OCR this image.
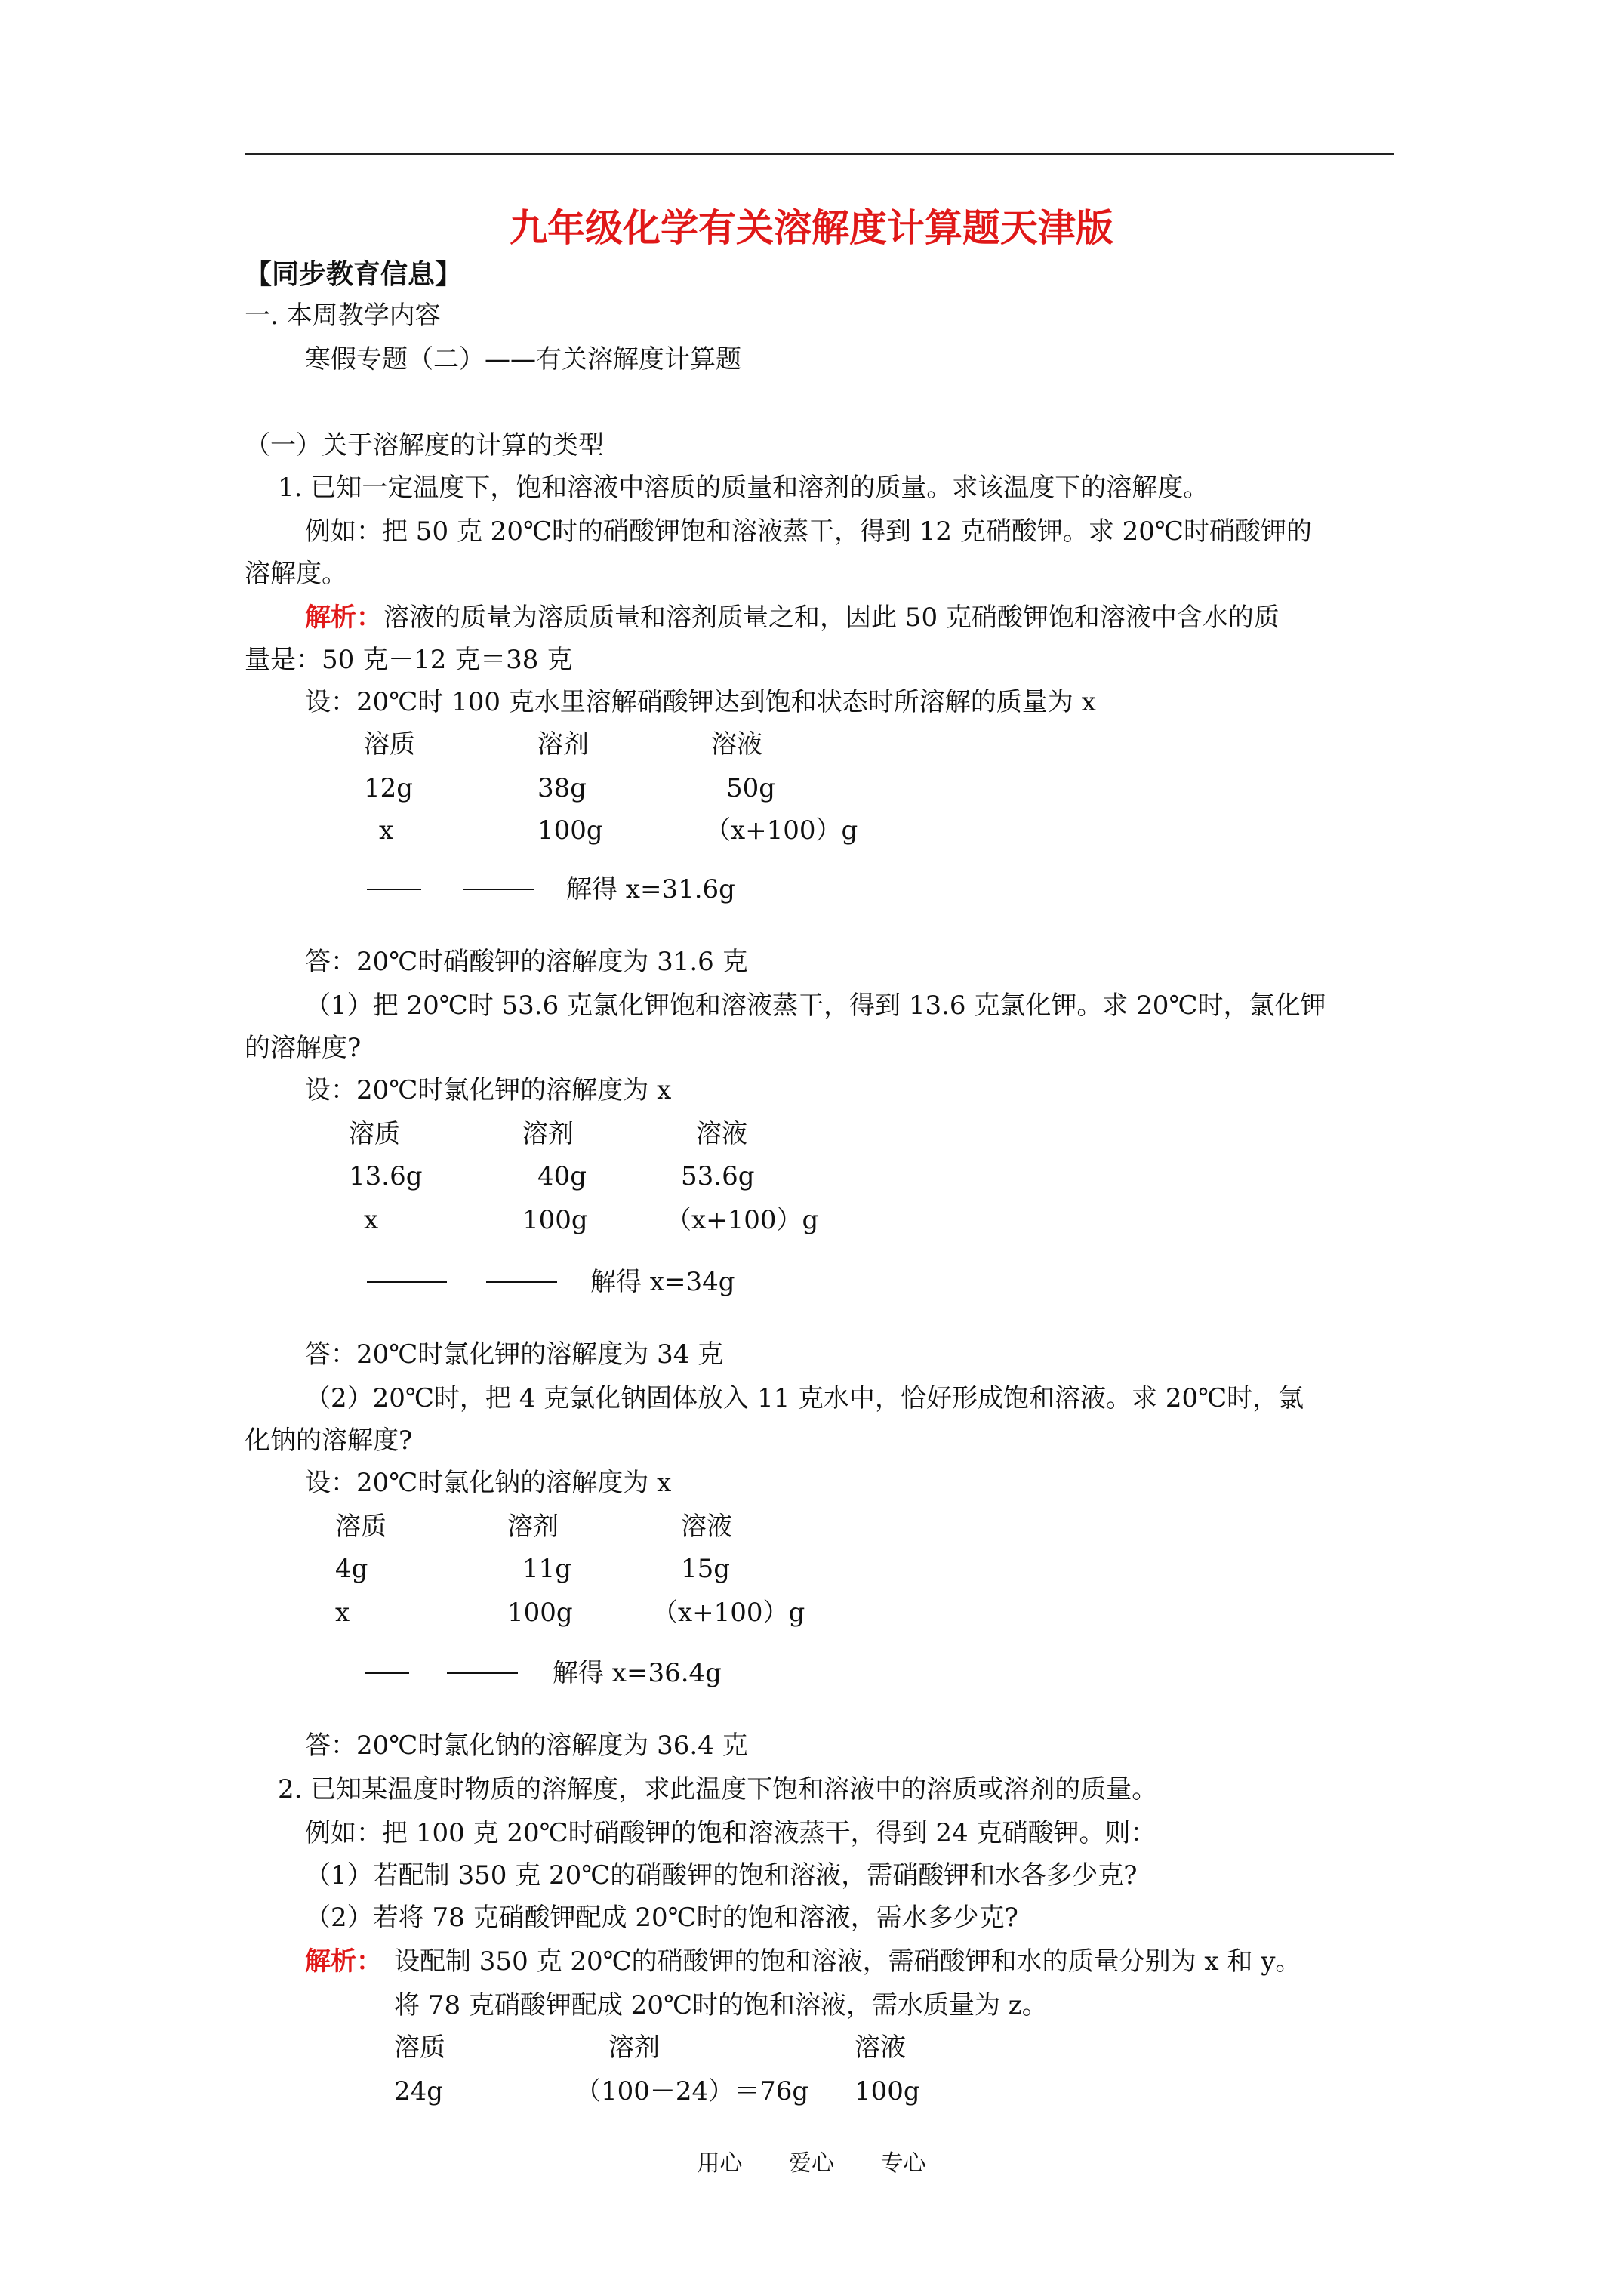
九年级化学有关溶解度计算题天津版
【同步教育信息】
一. 本周教学内容
寒假专题（二）——有关溶解度计算题
（一）关于溶解度的计算的类型
1. 已知一定温度下，饱和溶液中溶质的质量和溶剂的质量。求该温度下的溶解度。
例如：把 50 克 20℃时的硝酸钾饱和溶液蒸干，得到 12 克硝酸钾。求 20℃时硝酸钾的
溶解度。
解析： 溶液的质量为溶质质量和溶剂质量之和，因此 50 克硝酸钾饱和溶液中含水的质
量是：50 克－12 克＝38 克
设：20℃时 100 克水里溶解硝酸钾达到饱和状态时所溶解的质量为 x
溶质	溶剂	溶液
12g	38g	50g
x	100g	（x+100）g
解得 x=31.6g
答：20℃时硝酸钾的溶解度为 31.6 克
（1）把 20℃时 53.6 克氯化钾饱和溶液蒸干，得到 13.6 克氯化钾。求 20℃时，氯化钾
的溶解度?
设：20℃时氯化钾的溶解度为 x
溶质	溶剂	溶液
13.6g	40g	53.6g
x	100g	（x+100）g
解得 x=34g
答：20℃时氯化钾的溶解度为 34 克
（2）20℃时，把 4 克氯化钠固体放入 11 克水中，恰好形成饱和溶液。求 20℃时，氯
化钠的溶解度?
设：20℃时氯化钠的溶解度为 x
溶质	溶剂	溶液
4g	11g	15g
x	100g	（x+100）g
解得 x=36.4g
答：20℃时氯化钠的溶解度为 36.4 克
2. 已知某温度时物质的溶解度，求此温度下饱和溶液中的溶质或溶剂的质量。
例如：把 100 克 20℃时硝酸钾的饱和溶液蒸干，得到 24 克硝酸钾。则：
（1）若配制 350 克 20℃的硝酸钾的饱和溶液，需硝酸钾和水各多少克?
（2）若将 78 克硝酸钾配成 20℃时的饱和溶液，需水多少克?
解析： 设配制 350 克 20℃的硝酸钾的饱和溶液，需硝酸钾和水的质量分别为 x 和 y。
将 78 克硝酸钾配成 20℃时的饱和溶液，需水质量为 z。
溶质	溶剂	溶液
24g	（100－24）＝76g 100g
用心 爱心 专心
